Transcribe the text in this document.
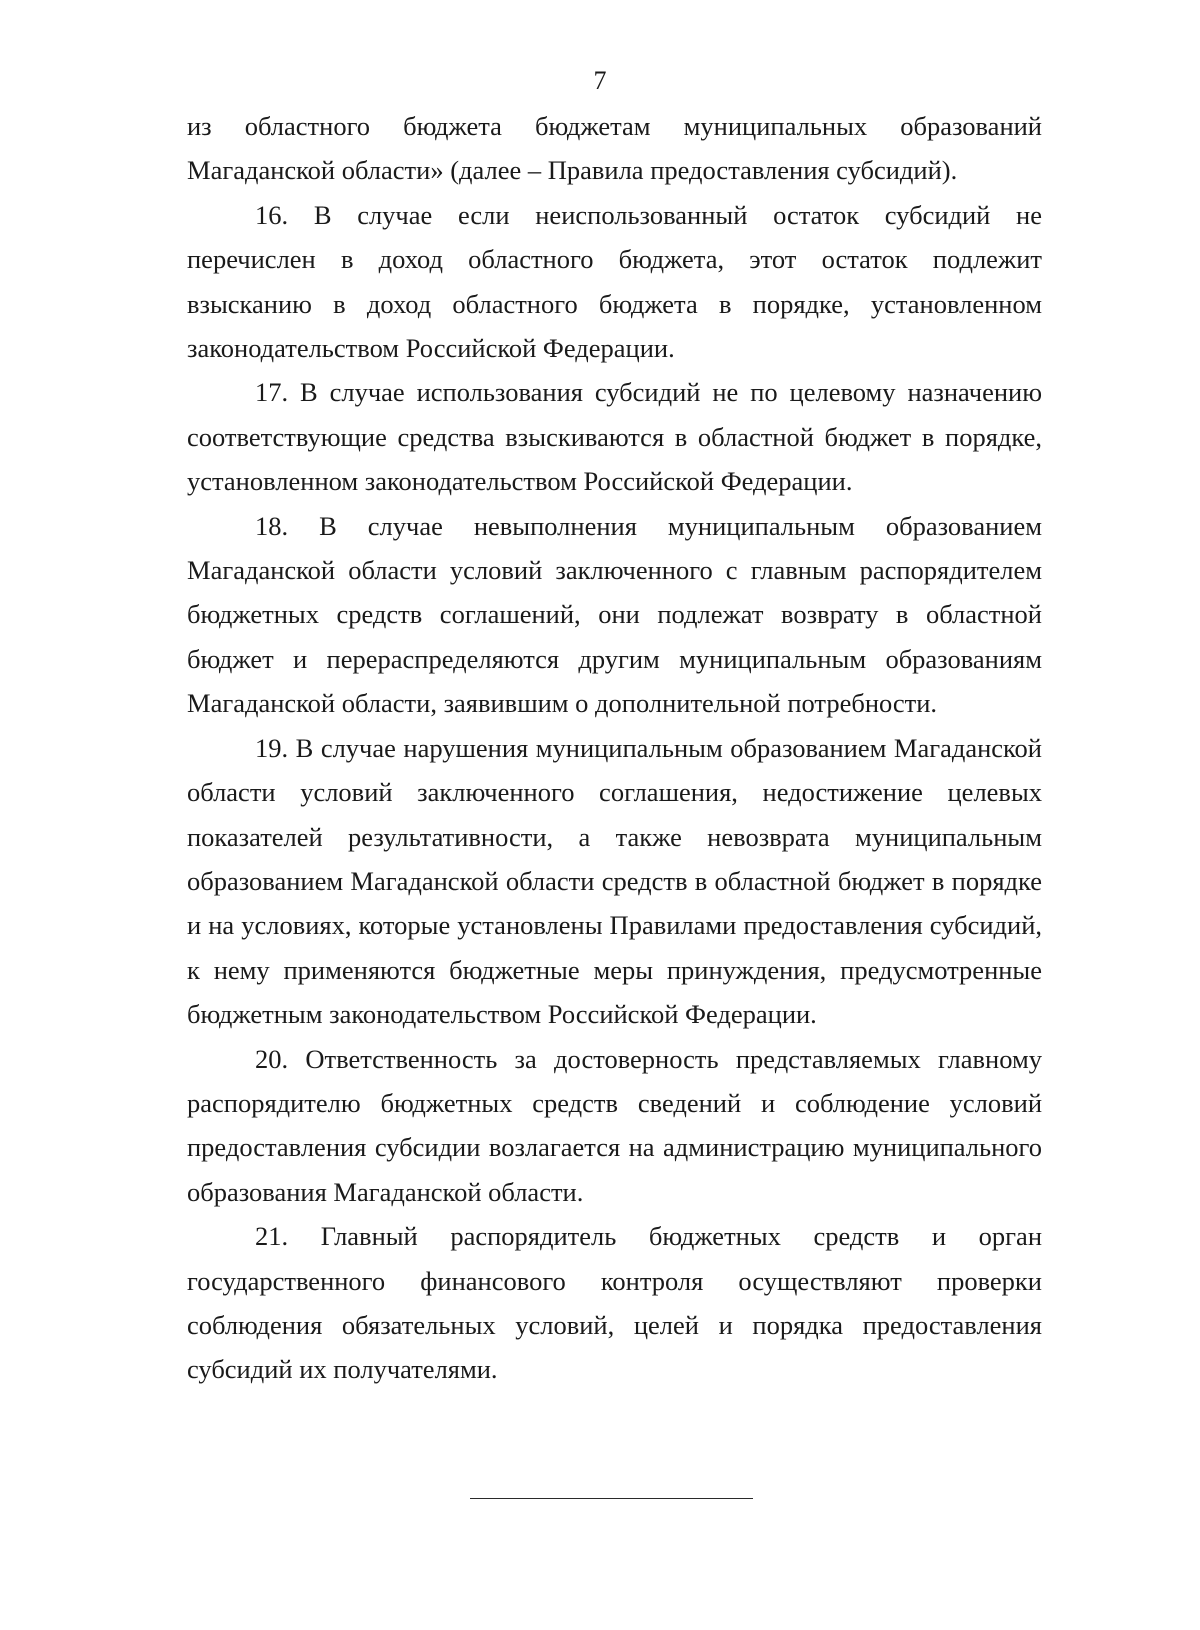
7

из областного бюджета бюджетам муниципальных образований Магаданской области» (далее – Правила предоставления субсидий).

16. В случае если неиспользованный остаток субсидий не перечислен в доход областного бюджета, этот остаток подлежит взысканию в доход областного бюджета в порядке, установленном законодательством Российской Федерации.

17. В случае использования субсидий не по целевому назначению соответствующие средства взыскиваются в областной бюджет в порядке, установленном законодательством Российской Федерации.

18. В случае невыполнения муниципальным образованием Магаданской области условий заключенного с главным распорядителем бюджетных средств соглашений, они подлежат возврату в областной бюджет и перераспределяются другим муниципальным образованиям Магаданской области, заявившим о дополнительной потребности.

19. В случае нарушения муниципальным образованием Магаданской области условий заключенного соглашения, недостижение целевых показателей результативности, а также невозврата муниципальным образованием Магаданской области средств в областной бюджет в порядке и на условиях, которые установлены Правилами предоставления субсидий, к нему применяются бюджетные меры принуждения, предусмотренные бюджетным законодательством Российской Федерации.

20. Ответственность за достоверность представляемых главному распорядителю бюджетных средств сведений и соблюдение условий предоставления субсидии возлагается на администрацию муниципального образования Магаданской области.

21. Главный распорядитель бюджетных средств и орган государственного финансового контроля осуществляют проверки соблюдения обязательных условий, целей и порядка предоставления субсидий их получателями.
